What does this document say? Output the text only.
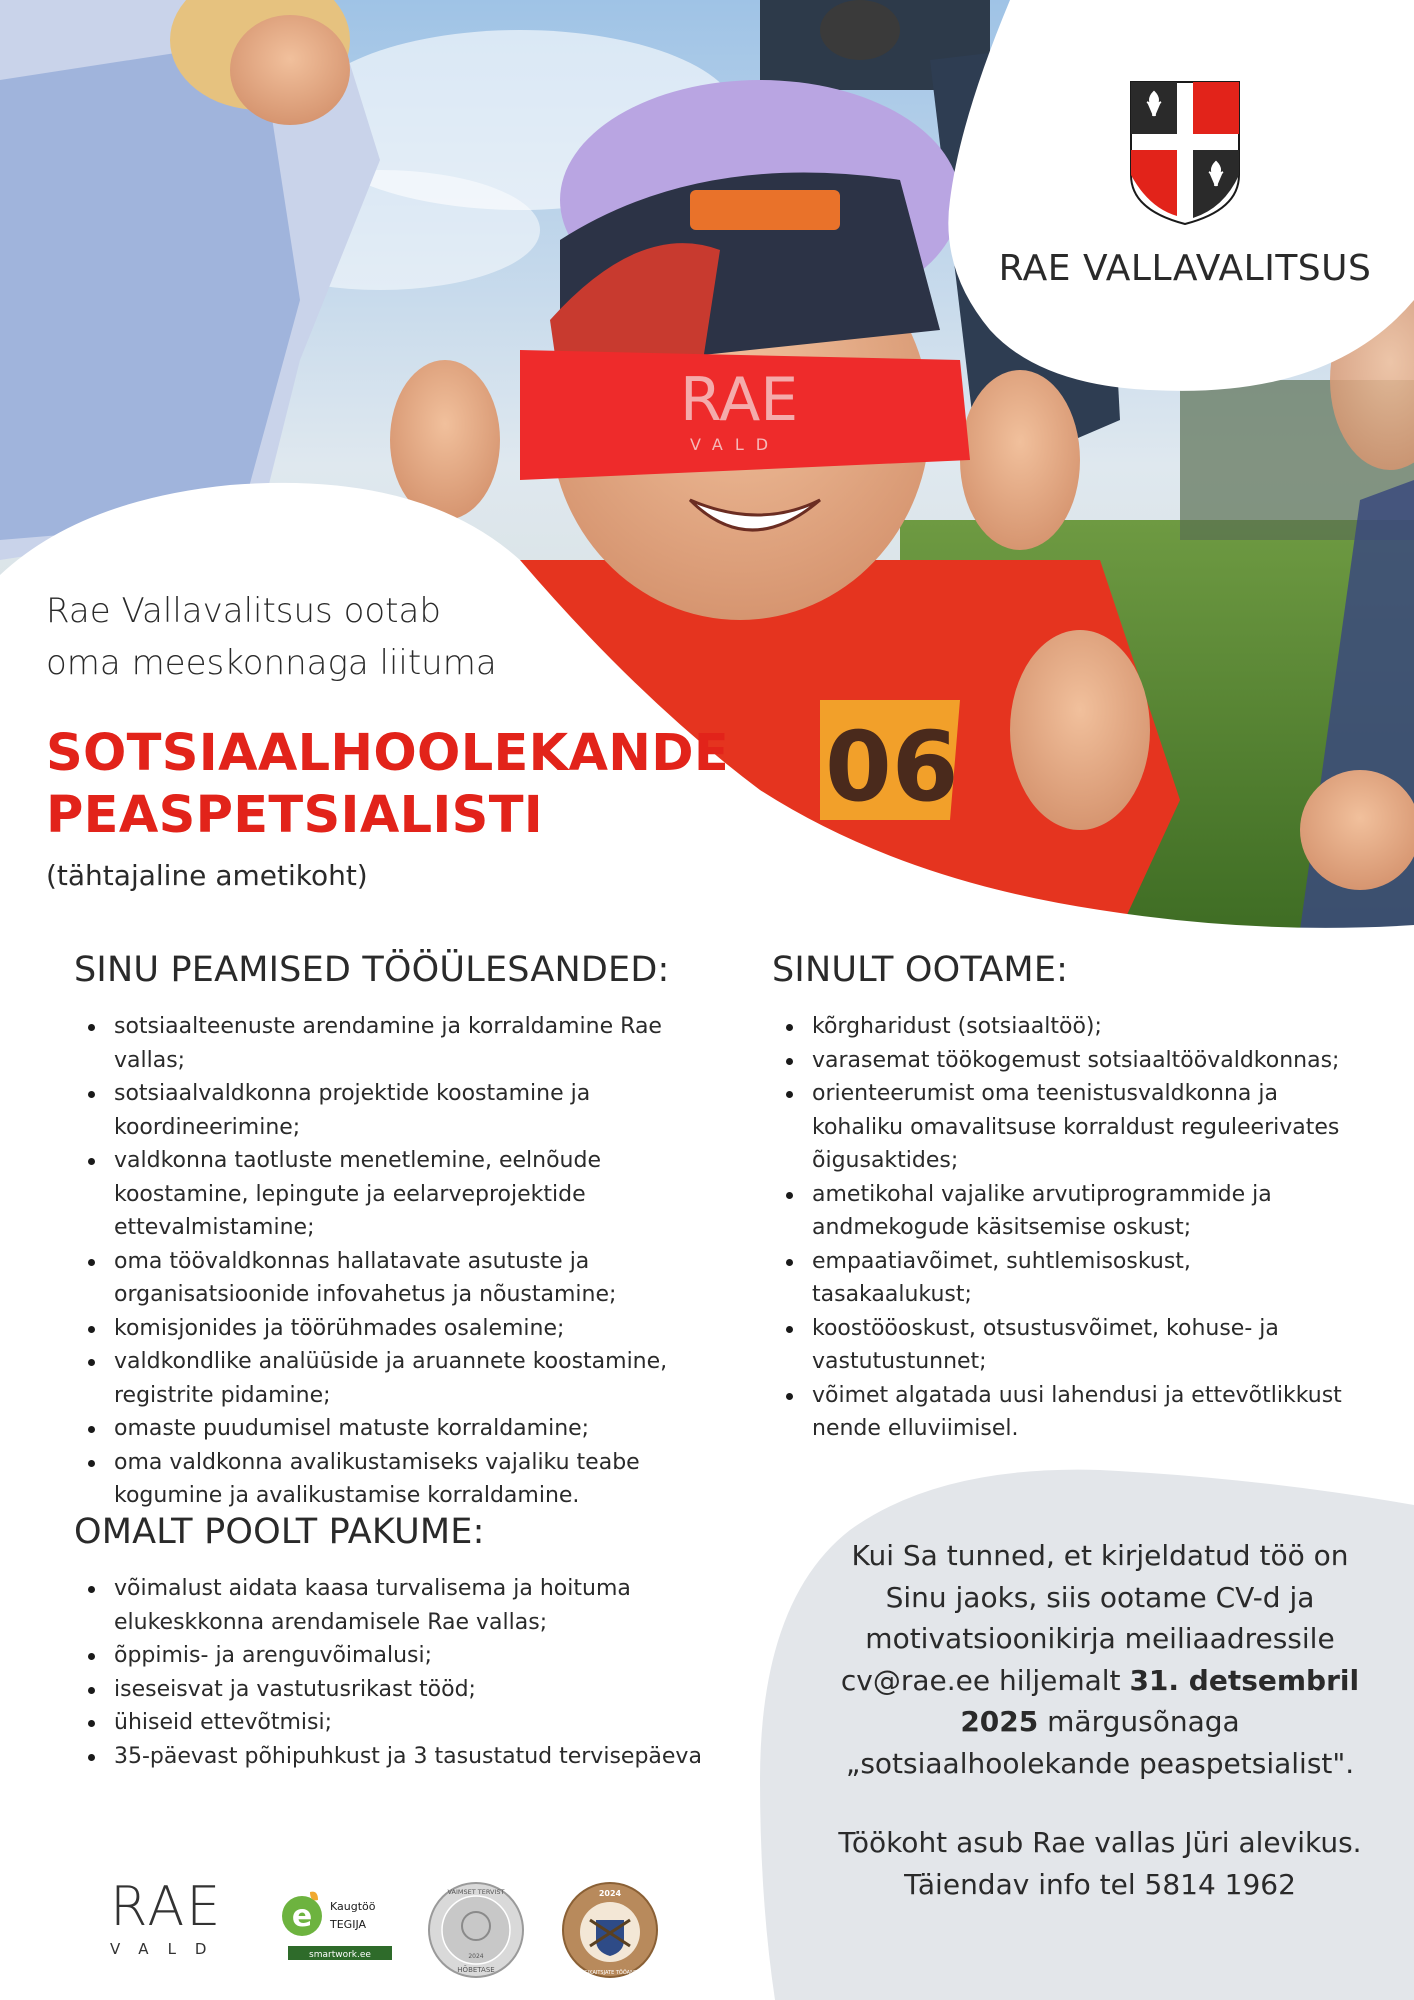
06
RAE
VALD
RAE VALLAVALITSUS
Rae Vallavalitsus ootab
oma meeskonnaga liituma
SOTSIAALHOOLEKANDE
PEASPETSIALISTI
(tähtajaline ametikoht)
SINU PEAMISED TÖÖÜLESANDED:
sotsiaalteenuste arendamine ja korraldamine Rae vallas;
sotsiaalvaldkonna projektide koostamine ja koordineerimine;
valdkonna taotluste menetlemine, eelnõude koostamine, lepingute ja eelarveprojektide ettevalmistamine;
oma töövaldkonnas hallatavate asutuste ja organisatsioonide infovahetus ja nõustamine;
komisjonides ja töörühmades osalemine;
valdkondlike analüüside ja aruannete koostamine, registrite pidamine;
omaste puudumisel matuste korraldamine;
oma valdkonna avalikustamiseks vajaliku teabe kogumine ja avalikustamise korraldamine.
SINULT OOTAME:
kõrgharidust (sotsiaaltöö);
varasemat töökogemust sotsiaaltöövaldkonnas;
orienteerumist oma teenistusvaldkonna ja kohaliku omavalitsuse korraldust reguleerivates õigusaktides;
ametikohal vajalike arvutiprogrammide ja andmekogude käsitsemise oskust;
empaatiavõimet, suhtlemisoskust, tasakaalukust;
koostööoskust, otsustusvõimet, kohuse- ja vastutustunnet;
võimet algatada uusi lahendusi ja ettevõtlikkust nende elluviimisel.
OMALT POOLT PAKUME:
võimalust aidata kaasa turvalisema ja hoituma elukeskkonna arendamisele Rae vallas;
õppimis- ja arenguvõimalusi;
iseseisvat ja vastutusrikast tööd;
ühiseid ettevõtmisi;
35-päevast põhipuhkust ja 3 tasustatud tervisepäeva
Kui Sa tunned, et kirjeldatud töö on Sinu jaoks, siis ootame CV-d ja motivatsioonikirja meiliaadressile cv@rae.ee hiljemalt 31. detsembril 2025 märgusõnaga „sotsiaalhoolekande peaspetsialist".
Töökoht asub Rae vallas Jüri alevikus.
Täiendav info tel 5814 1962
RAE
VALD
e Kaugtöö
TEGIJA
smartwork.ee
VAIMSET TERVIST
2024
HÕBETASE
2024
RIIGIKAITSJATE TÖÖANDJA
